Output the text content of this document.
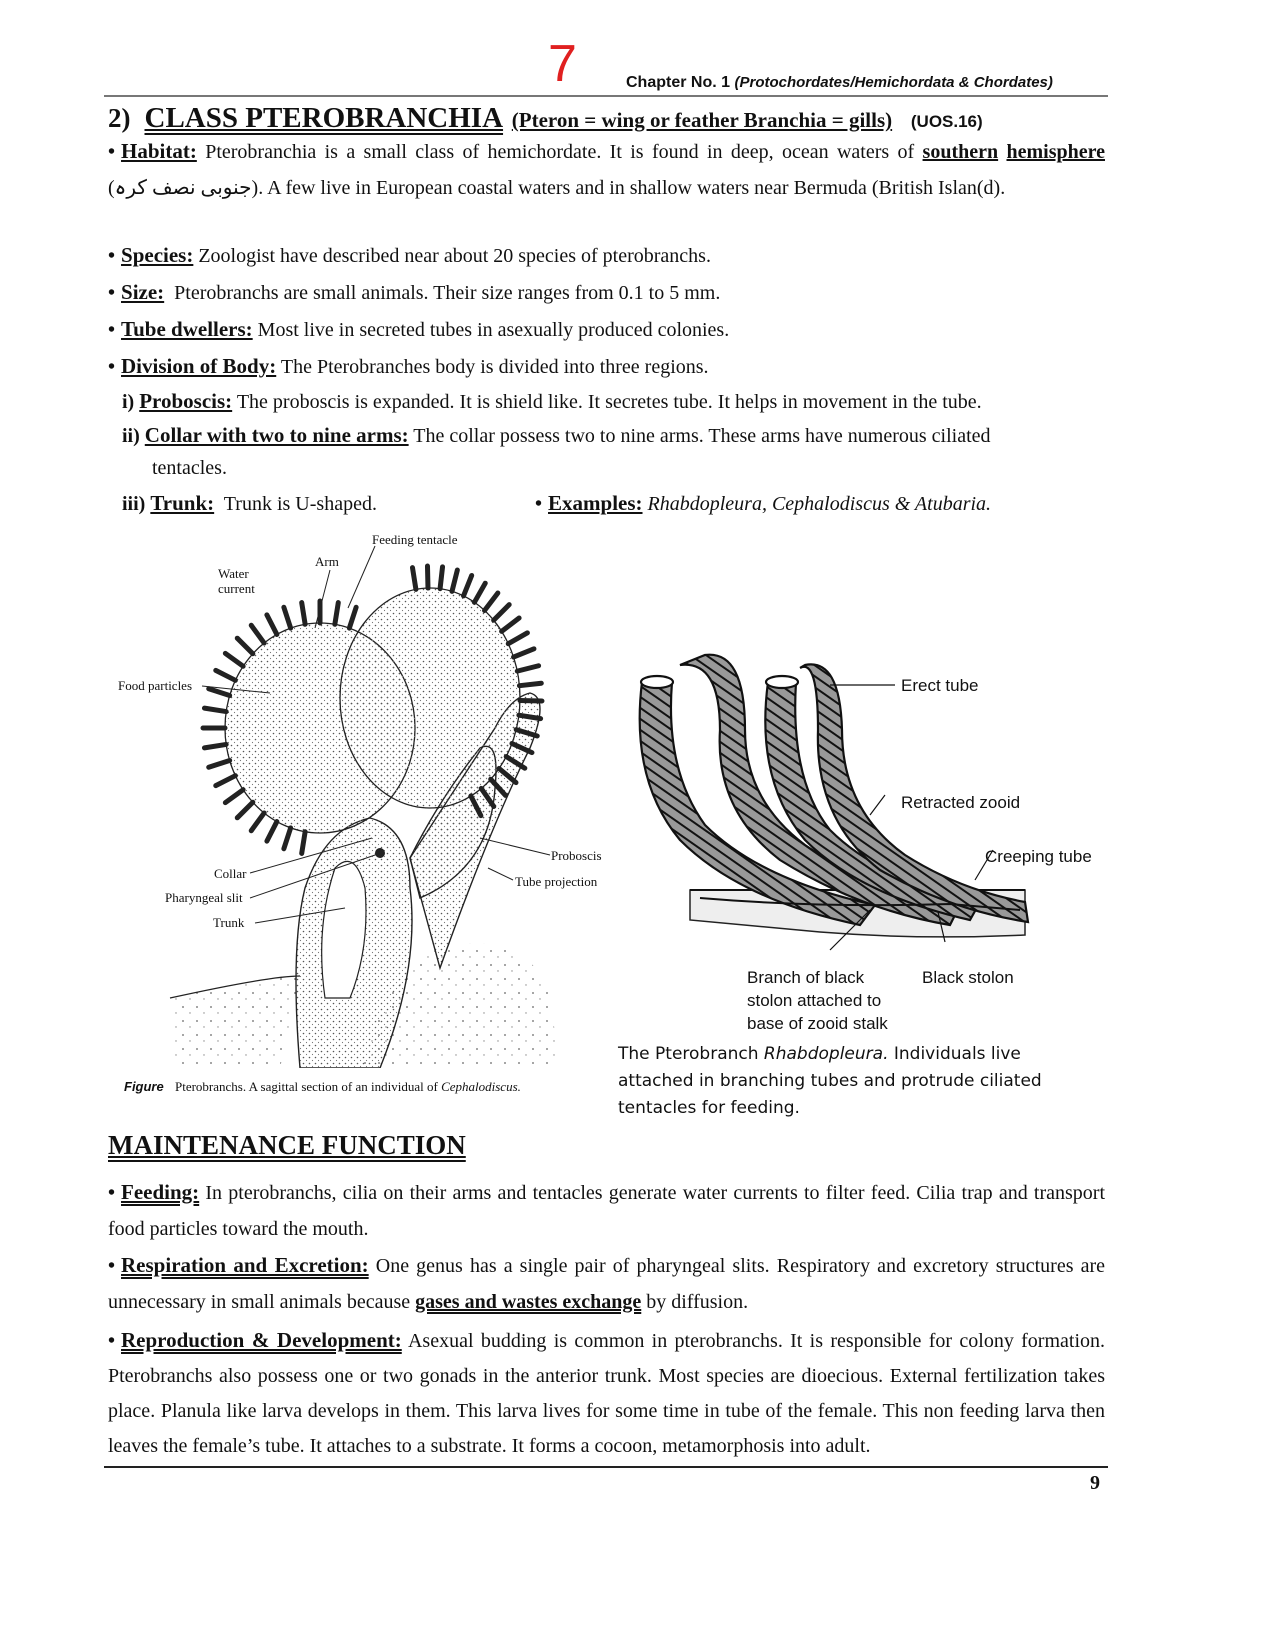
7	Chapter No. 1 (Protochordates/Hemichordata & Chordates)
2) CLASS PTEROBRANCHIA (Pteron = wing or feather Branchia = gills) (UOS.16)
• Habitat: Pterobranchia is a small class of hemichordate. It is found in deep, ocean waters of southern hemisphere (جنوبی نصف کرہ). A few live in European coastal waters and in shallow waters near Bermuda (British Islan(d).
• Species: Zoologist have described near about 20 species of pterobranchs.
• Size: Pterobranchs are small animals. Their size ranges from 0.1 to 5 mm.
• Tube dwellers: Most live in secreted tubes in asexually produced colonies.
• Division of Body: The Pterobranches body is divided into three regions.
i) Proboscis: The proboscis is expanded. It is shield like. It secretes tube. It helps in movement in the tube.
ii) Collar with two to nine arms: The collar possess two to nine arms. These arms have numerous ciliated
tentacles.
iii) Trunk: Trunk is U-shaped.	• Examples: Rhabdopleura, Cephalodiscus & Atubaria.
Feeding tentacle
Arm
Water current
Food particles
Proboscis
Tube projection
Collar
Pharyngeal slit
Trunk
Figure Pterobranchs. A sagittal section of an individual of Cephalodiscus.
Erect tube
Retracted zooid
Creeping tube
Branch of black stolon attached to base of zooid stalk
Black stolon
The Pterobranch Rhabdopleura. Individuals live attached in branching tubes and protrude ciliated tentacles for feeding.
MAINTENANCE FUNCTION
• Feeding: In pterobranchs, cilia on their arms and tentacles generate water currents to filter feed. Cilia trap and transport food particles toward the mouth.
• Respiration and Excretion: One genus has a single pair of pharyngeal slits. Respiratory and excretory structures are unnecessary in small animals because gases and wastes exchange by diffusion.
• Reproduction & Development: Asexual budding is common in pterobranchs. It is responsible for colony formation. Pterobranchs also possess one or two gonads in the anterior trunk. Most species are dioecious. External fertilization takes place. Planula like larva develops in them. This larva lives for some time in tube of the female. This non feeding larva then leaves the female’s tube. It attaches to a substrate. It forms a cocoon, metamorphosis into adult.
9
